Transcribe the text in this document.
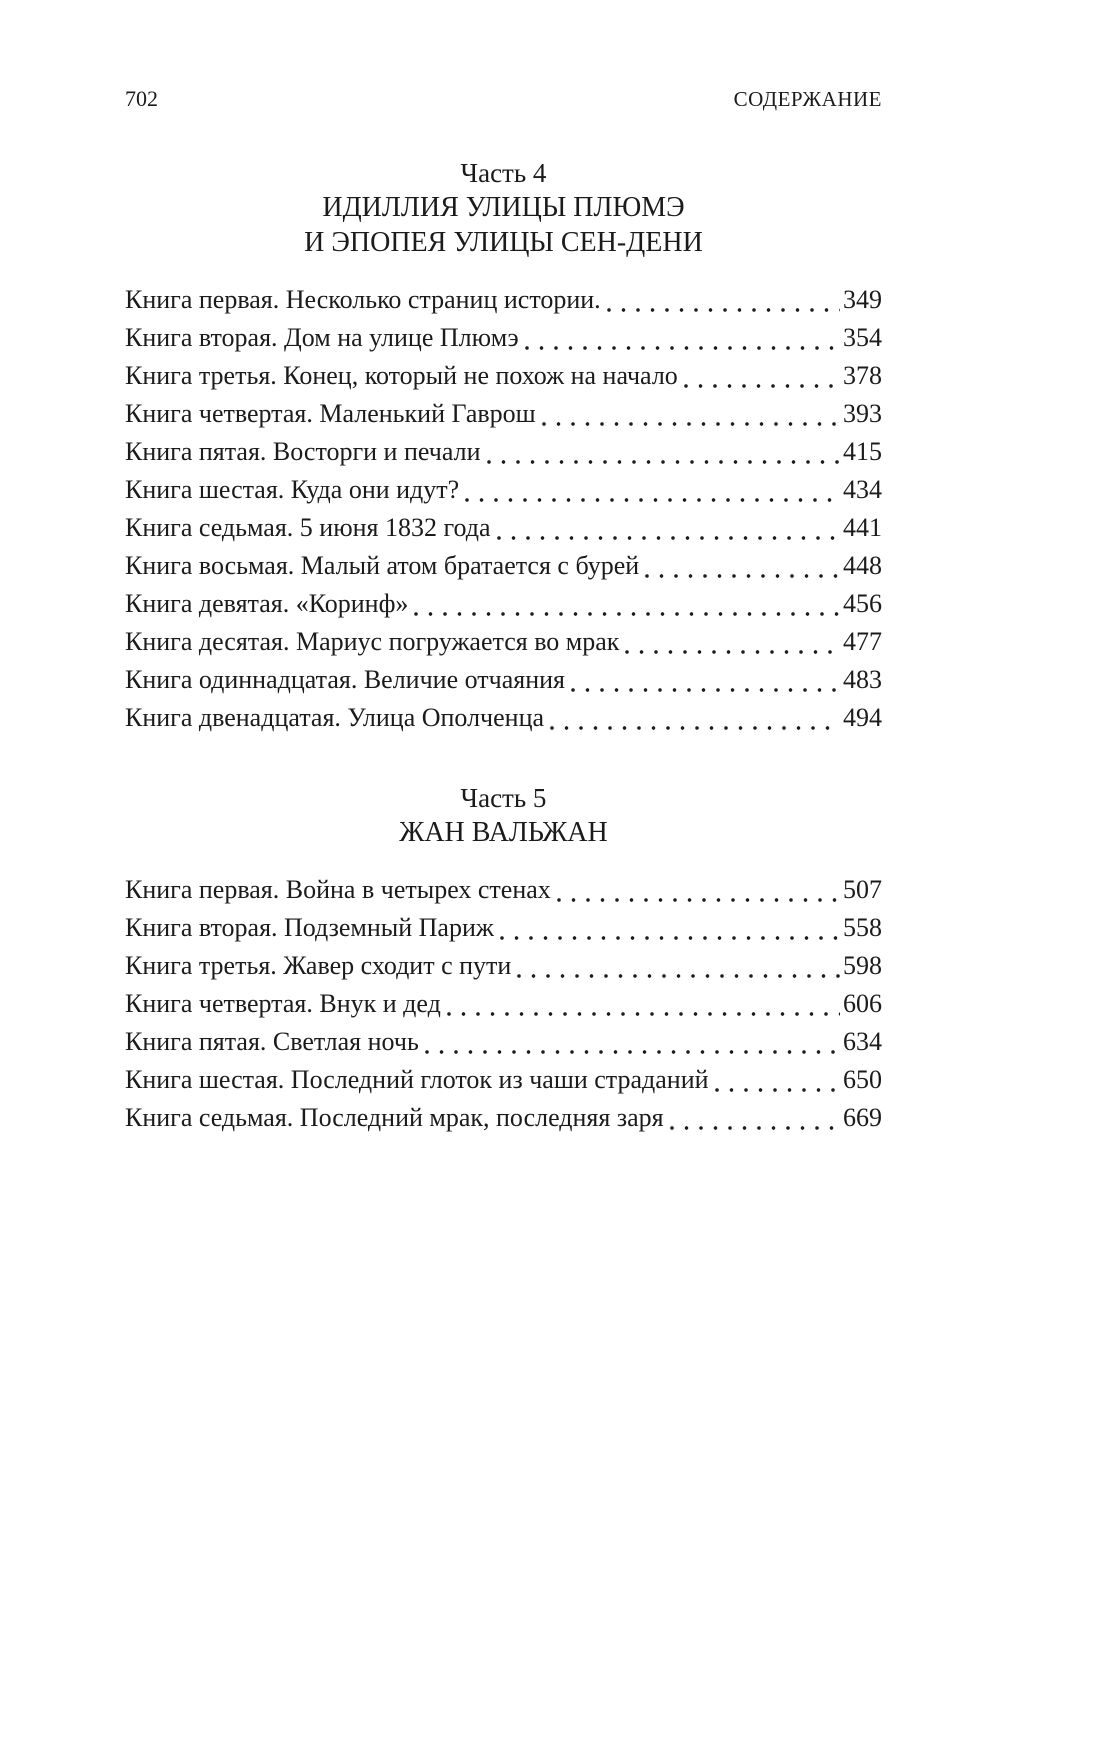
702	СОДЕРЖАНИЕ
Часть 4
ИДИЛЛИЯ УЛИЦЫ ПЛЮМЭ
И ЭПОПЕЯ УЛИЦЫ СЕН-ДЕНИ
Книга первая. Несколько страниц истории.	349
Книга вторая. Дом на улице Плюмэ	354
Книга третья. Конец, который не похож на начало	378
Книга четвертая. Маленький Гаврош	393
Книга пятая. Восторги и печали	415
Книга шестая. Куда они идут?	434
Книга седьмая. 5 июня 1832 года	441
Книга восьмая. Малый атом братается с бурей	448
Книга девятая. «Коринф»	456
Книга десятая. Мариус погружается во мрак	477
Книга одиннадцатая. Величие отчаяния	483
Книга двенадцатая. Улица Ополченца	494
Часть 5
ЖАН ВАЛЬЖАН
Книга первая. Война в четырех стенах	507
Книга вторая. Подземный Париж	558
Книга третья. Жавер сходит с пути	598
Книга четвертая. Внук и дед	606
Книга пятая. Светлая ночь	634
Книга шестая. Последний глоток из чаши страданий	650
Книга седьмая. Последний мрак, последняя заря	669
